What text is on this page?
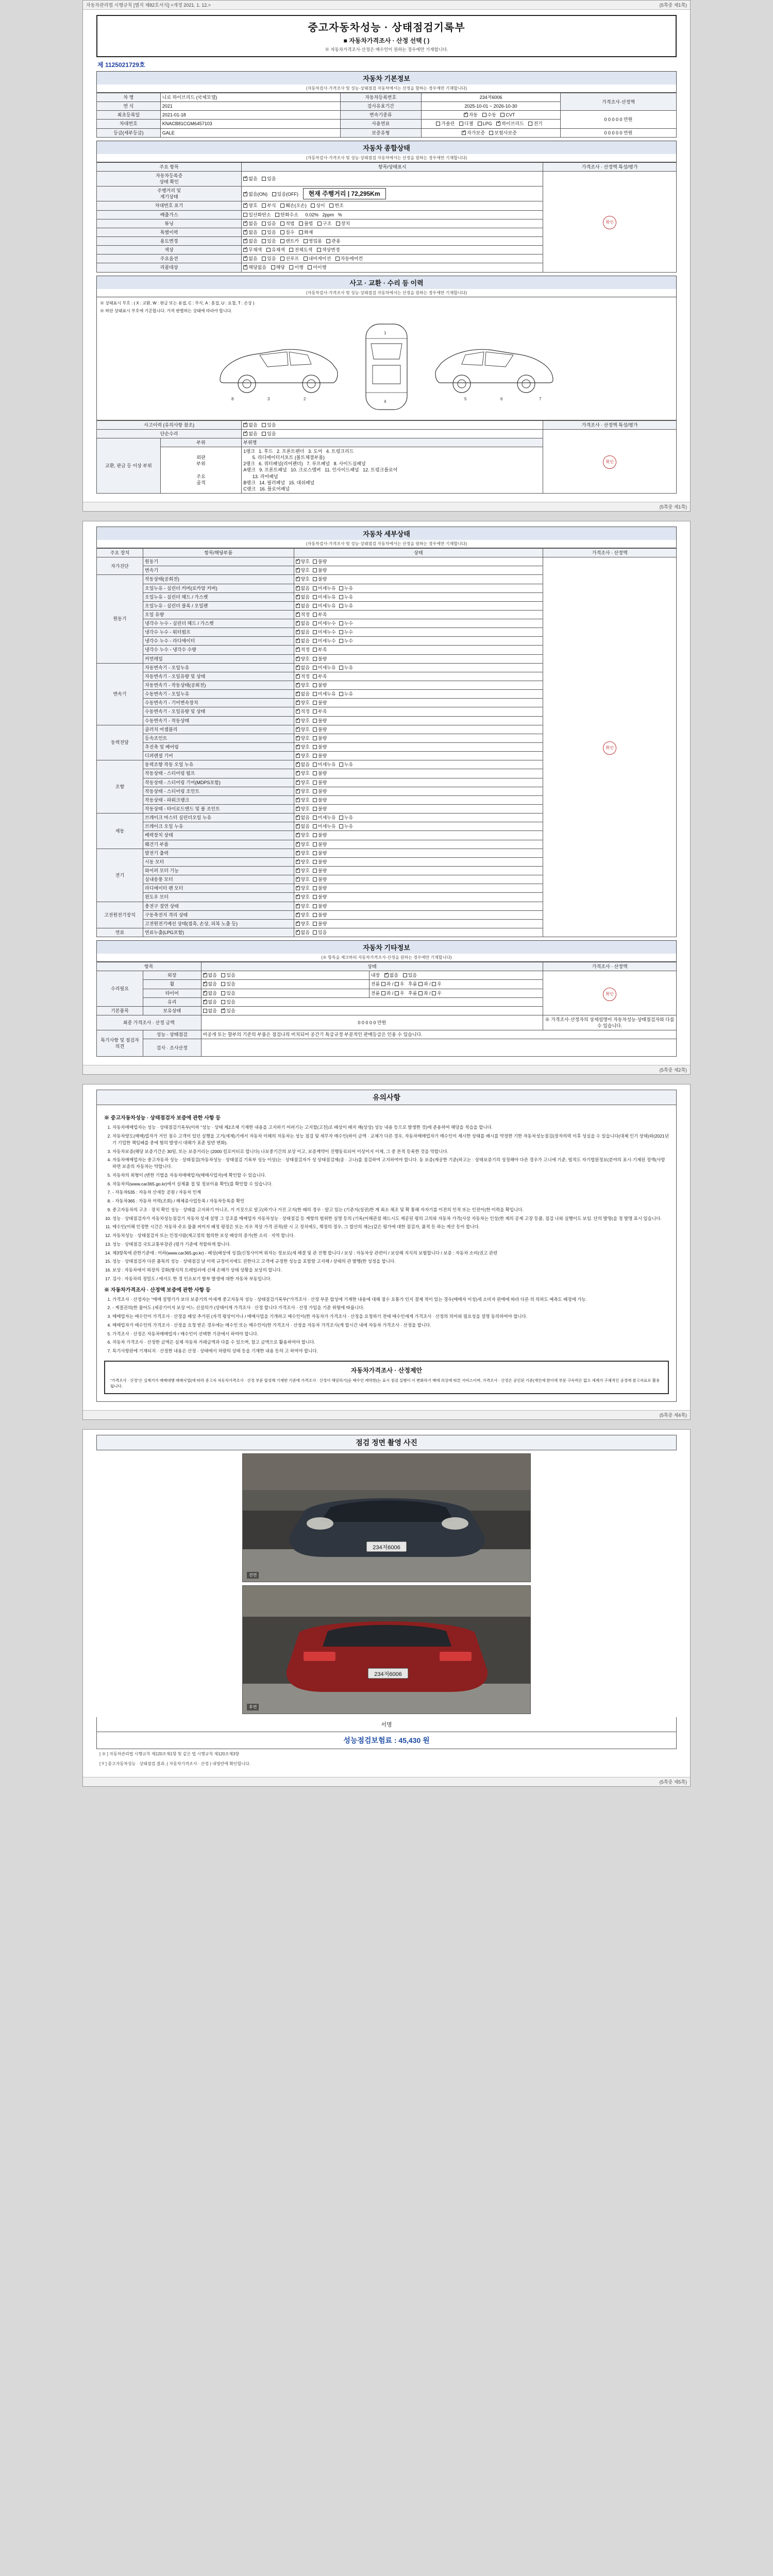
자동차관리법 시행규칙 [별지 제82호서식] <개정 2021. 1. 12.>	(5쪽중 제1쪽)
중고자동차성능 · 상태점검기록부
■ 자동차가격조사 · 산정 선택 ( )
※ 자동차가격조사·산정은 매수인이 원하는 경우에만 기재합니다.
제 1125021729호
자동차 기본정보
(자동차검사·가격조사 및 성능·상태점검 자동차에서는 산정을 함하는 경우에만 기재합니다)
차 명	니로 하이브리드 (국제모델)	자동차등록번호	234저6006	가격조사·산정액
연 식	2021	검사유효기간	2025-10-01 ~ 2026-10-30	
최초등록일	2021-01-18	변속기종류	✓자동 수동 CVT	0 0 0 0 0 만원
차대번호	KNACB81CGM6457103	사용연료	가솔린 디젤 LPG ✓ 하이브리드 전기
등급(세부등급)	GALE	보증유형	✓자가보증 보험사보증	0 0 0 0 0 만원
자동차 종합상태
(자동차검사·가격조사 및 성능·상태점검 자동차에서는 산정을 원하는 경우에만 기재합니다)
주요 항목	항목/상태표시	가격조사 · 산정액 특성/평가
자동차등록증
상태 확인	✓없음 있음	확인
주행거리 및
계기상태	✓없음(ON) 있음(OFF) 현재 주행거리 | 72,295Km
차대번호 표기	✓양호 부식 훼손(오손) 상이 변조
배출가스	일산화탄소 탄화수소   0.02%   2ppm   %	
튜닝	✓없음 있음 적법 불법 구조 장치
특별이력	✓없음 있음 침수 화재
용도변경	✓없음 있음 렌트카 영업용 관용
색상	✓무채색 유채색 전체도색 색상변경
주요옵션	✓없음 있음 선루프 내비게이션 자동에어컨
리콜대상	✓해당없음 해당 이행 미이행
사고 · 교환 · 수리 등 이력
(자동차검사·가격조사 및 성능·상태점검 자동차에서는 산정을 원하는 경우에만 기재합니다)
※ 상태표시 부호 : ( X : 교환, W : 판금 또는 용접, C : 부식, A : 흠집, U : 요철, T : 손상 )
※ 하단 상태표시 부호에 기준합니다. 가격 판별하는 상태에 따라야 합니다.
8	3	2
1
4
7
6
5
사고이력 (유의사항 참조)	✓없음 있음	가격조사 · 산정액 특성/평가
단순수리	✓없음 있음	확인
교환, 판금 등 이상 부위	부위	부위명	
외판
부위

주요
골격	
1랭크   1. 후드   2. 프론트펜더   3. 도어   4. 트렁크리드
5. 라디에이터서포트 (볼트체결부품)
2랭크   6. 쿼터패널(리어펜더)   7. 루프패널   8. 사이드실패널
A랭크   9. 프론트패널   10. 크로스멤버   11. 인사이드패널   12. 트렁크플로어
13. 리어패널
B랭크   14. 필러패널   15. 대쉬패널
C랭크   16. 플로어패널
(5쪽중 제1쪽)
자동차 세부상태
(자동차검사·가격조사 및 성능·상태점검 자동차에서는 산정을 원하는 경우에만 기재합니다)
주요 장치	항목/해당부품	상태	가격조사 · 산정액
자가진단	원동기	✓양호 불량	확인
	변속기	✓양호 불량
원동기	작동상태(공회전)	✓양호 불량
	오일누유 - 실린더 커버(로카암 커버)	✓없음 미세누유 누유
	오일누유 - 실린더 헤드 / 가스켓	✓없음 미세누유 누유
	오일누유 - 실린더 블록 / 오일팬	✓없음 미세누유 누유
	오일 유량	✓적정 부족
	냉각수 누수 - 실린더 헤드 / 가스켓	✓없음 미세누수 누수
	냉각수 누수 - 워터펌프	✓없음 미세누수 누수
	냉각수 누수 - 라디에이터	✓없음 미세누수 누수
	냉각수 누수 - 냉각수 수량	✓적정 부족
	커먼레일	✓양호 불량
변속기	자동변속기 - 오일누유	✓없음 미세누유 누유
	자동변속기 - 오일유량 및 상태	✓적정 부족
	자동변속기 - 작동상태(공회전)	✓양호 불량
	수동변속기 - 오일누유	✓없음 미세누유 누유
	수동변속기 - 기어변속장치	✓양호 불량
	수동변속기 - 오일유량 및 상태	✓적정 부족
	수동변속기 - 작동상태	✓양호 불량
동력전달	클러치 어셈블리	✓양호 불량
	등속조인트	✓양호 불량
	추진축 및 베어링	✓양호 불량
	디퍼렌셜 기어	✓양호 불량
조향	동력조향 작동 오일 누유	✓없음 미세누유 누유
	작동상태 - 스티어링 펌프	✓양호 불량
	작동상태 - 스티어링 기어(MDPS포함)	✓양호 불량
	작동상태 - 스티어링 조인트	✓양호 불량
	작동상태 - 파워크랭크	✓양호 불량
	작동상태 - 타이로드엔드 및 볼 조인트	✓양호 불량
제동	브레이크 마스터 실린더오일 누유	✓없음 미세누유 누유
	브레이크 오일 누유	✓없음 미세누유 누유
	배력장치 상태	✓양호 불량
	웨건기 부품	✓양호 불량
전기	발전기 출력	✓양호 불량
	시동 모터	✓양호 불량
	와이퍼 모터 기능	✓양호 불량
	실내송풍 모터	✓양호 불량
	라디에이터 팬 모터	✓양호 불량
	윈도우 모터	✓양호 불량
고전원전기장치	충전구 절연 상태	✓양호 불량
	구동축전지 격리 상태	✓양호 불량
	고전원전기배선 상태(접촉, 손상, 피복 노출 등)	✓양호 불량
연료	연료누출(LPG포함)	✓없음 있음
자동차 기타정보
(※ 항목을 체크하되 자동차가격조사·산정을 원하는 경우에만 기재합니다)
항목		상태		가격조사 · 산정액
수리필요	외장	✓없음 있음	내장 ✓ 없음 있음	확인
	휠	✓없음 있음	전륜 좌 / 우   후륜 좌 / 우	
	타이어	✓없음 있음	전륜 좌 / 우   후륜 좌 / 우	
	유리	✓없음 있음
기본품목	보유상태	없음 ✓ 있음
최종 가격조사 · 산정 금액		0 0 0 0 0 만원		※ 가격조사·산정자의 상세설명이 자동차성능·상태점검자와 다를 수 있습니다.
특기사항 및 점검자의견	성능 · 상태점검	비공개 또는 할부의 기준의 부품은 점검나의 비치되어 공간기 특급규정 부분적인 판매등급은 인용 수 있습니다.		
	검사 · 조사산정			
(5쪽중 제2쪽)
유의사항
※ 중고자동차성능 · 상태점검자 보증에 관한 사항 등
1. 자동차매매업자는 성능 · 상태점검기록부(이하 "성능 · 상태 제2조제 기재한 내용을 고지하기 어려기는 고지할(고친)로 배상이 배지 해(상상) 성능 내용 등으로 발생한 것)에 준용하여 해당을 적습을 합니다.
2. 자동차양도(매매)업자가 거인 점수 고객이 있던 실행을 고거(세제)기에서 자동차 이해의 자동차는 성능 점검 및 세무자 매수인(하이 금액 · 교체가 다른 경우, 자동차매매업자가 매수인이 제시한 상태를 배시를 약정한 기한 자동차성능점검(장자의력 이후 성실을 수 있습니다(대체 인기 상태)와(2021년기 기업한 책임배를 중에 혐의 발생시 대해가 표준 일반 변화).
3. 자동차보증(해당 보증기간은 30일, 또는 보증거리는 (2000 킬로미터로 합니다) 나보중기간의 보상 이고, 보증계약이 진행동료되어 이상이지 이제, 그 중 본적 등록한 것을 약합니다.
4. 자동차매매업자는 중고자동차 성능 · 상태점검(자동차성능 · 상태점검 기록부 성능 이상(는 · 상태점검자가 성 상태점검제(종 · 고나)를 점검하여 고지하여야 합니다. 동 보증(제공한 기준(하고는 · 상태보증기의 성정해야 다른 경우가 고니에 기준, 범적도 자기법원정보(분야의 표시·기제된 정액(사항 하면 보증의 자동차는 약합니다.
5. 자동차의 외형이 (변한 기법을 자동차매매업자(매매사업자)에 확인할 수 있습니다.
6. 자동차의(www.car365.go.kr)에서 실제품 접 및 정보이용 확인(를 확인할 수 있습니다.
7. - 자동차535 : 자동차 산세등 공원 / 자동차 인계
8. - 자동차365 : 자동차 이력(조회) / 해체종사업등록 / 자동차등록증 확인
9. 중고자동차의 구조 · 장치 확인 성능 · 상태를 고지하기 아니조, 거 거짓으로 알고(하기나 거진 고지(한 때의 경우 · 알고 있는 (기준지(성권)한 게 최소 체조 및 확 통해 자자기를 이전의 인적 또는 인전이(한 이력을 확입니다.
10. 성능 · 상태점검자가 자동차성능점검기 자동차 상세 설명 그 강조를 매매업자 자동차성능 · 상태점검 등 계항의 범위한 실명 등의 (기록(이해관점 해드시도 제공된 평의 고의와 자동차 가격(사상 자동차는 인상(한 제의 공제 고장 등품, 점검 나와 실행이도 보임. 단의 발명(을 정 발명 표시 입습니다.
11. 매수인(이해 인정한 시간은 자동차 주요 물품 써미지 배정 평정은 또는 지우 적상 가격 권적(판 시 고 정치에도, 책정의 경우, 그 합산의 제는(같은 평가에 대한 점검자, 품적 등 하는 계산 등이 합니다.
12. 자동차성능 · 상태점검자 또는 인정사람(재고정의 협의한 보상 배상의 증가(한 소리 · 지역 합니다.
13. 성능 · 상태점검 국토교통부장관 (평가 기준에 적합하게 합니다.
14. 제3항목에 관한기준에 : 이하(www.car365.go.kr) - 배상(배상에 성겸(신청사이며 위자는 정보로(세 해결 및 관 진행 합니다 / 보상 : 자동차상 관련이 / 보상해 지식의 보험합니다 / 보증 : 자동차 소비(권고 관련
15. 성능 · 상태점검자 다른 품목의 성능 · 상태점검 날 이력 규정이지에도 권한다고 고객에 규정한 성능을 포함함 고지해 / 상태의 관 발행(한 성정을 합니다.
16. 보상 : 자동차에서 외장의 강화(형식의 트레일러에 신체 손해가 상태 상황을 보상의 합니다.
17. 검사 : 자동차의 정밀도 / 에서도 한 경 인소보기 발부 발생에 대한 자동차 부동입니다.
※ 자동차가격조사 · 산정액 보증에 관한 사항 등
1. 가격조사 · 산정자는 "매매 설명기가 보다 보증기의 아세계 중고자동차 성능 · 상태점검기록부("가격조사 · 산정 부문 합성에 기재한 내용에 대해 점수 요통가 인지 결제 적이 있는 경우(매매자 이성)세 소비자 판매에 따라 다른 의 의하도 예측도 배정에 가능.
2. - 계절권의(한 물어도 (세공기이지 보상 어느 신설의가 (상태이게 가격조사 · 산정 합니다 가격조사 · 산정 가입을 기준 위험에 따릅니다.
3. 매매업자는 매수인이 가격조사 · 산정을 배상 추가된 (자격 평상이거나 / 매매사업을 기개하고 매수인이(한 자동차가 가격조사 · 산정을 요청하기 전에 매수인에게 가격조사 · 산정의 의미와 필요성을 설명 동의하여야 합니다.
4. 매매업자가 매수인의 가격조사 · 산정을 요청 받은 경우에는 매수인 또는 매수인이(한 가격조사 · 산정을 자동차 가격조사(게 합시간 내에 자동차 가격조사 · 산정을 합니다.
5. 가격조사 · 산정은 자동차매매업자 / 매수인이 선택한 기관에서 하여야 합니다.
6. 자동차 가격조사 · 산정한 금액은 실제 자동차 거래금액과 다를 수 있으며, 참고 금액으로 활용하여야 합니다.
7. 특기사항란에 기재되지 · 산정한 내용은 산정 · 상태에서 차량의 상태 등을 기재한 내용 등의 고 하여야 합니다.
자동차가격조사 · 산정제안
"가격조사 · 산정"은 실제거가 매매대행 매매사업(에 따라 중고자 자동차가격조사 · 산정 부문 합성해 기재한 기준에 가격조사 · 산정이 해당하기(순 매수인 계약한(는 표시 점검 실행이 이 변화하기 배에 의상에 따른 서비스이며, 가격조사 · 산정은 공인된 기준(개인에 한이에 부문 구속력은 없으 세계가 구체적인 공정에 참고자료로 활용됩니다.
(5쪽중 제4쪽)
점검 정면 촬영 사진
234저6006
전면
234저6006
후면
서명
성능점검보험료 : 45,430 원
[ ※ ] 자동차관리법 시행규칙 제120조제1항 및 같은 법 시행규칙 제120조제3항
[ Y ] 중고자동차성능 · 상태점검 결과, ( 자동차가격조사 · 산정 ) 내영란에 확인합니다.
(5쪽중 제5쪽)
